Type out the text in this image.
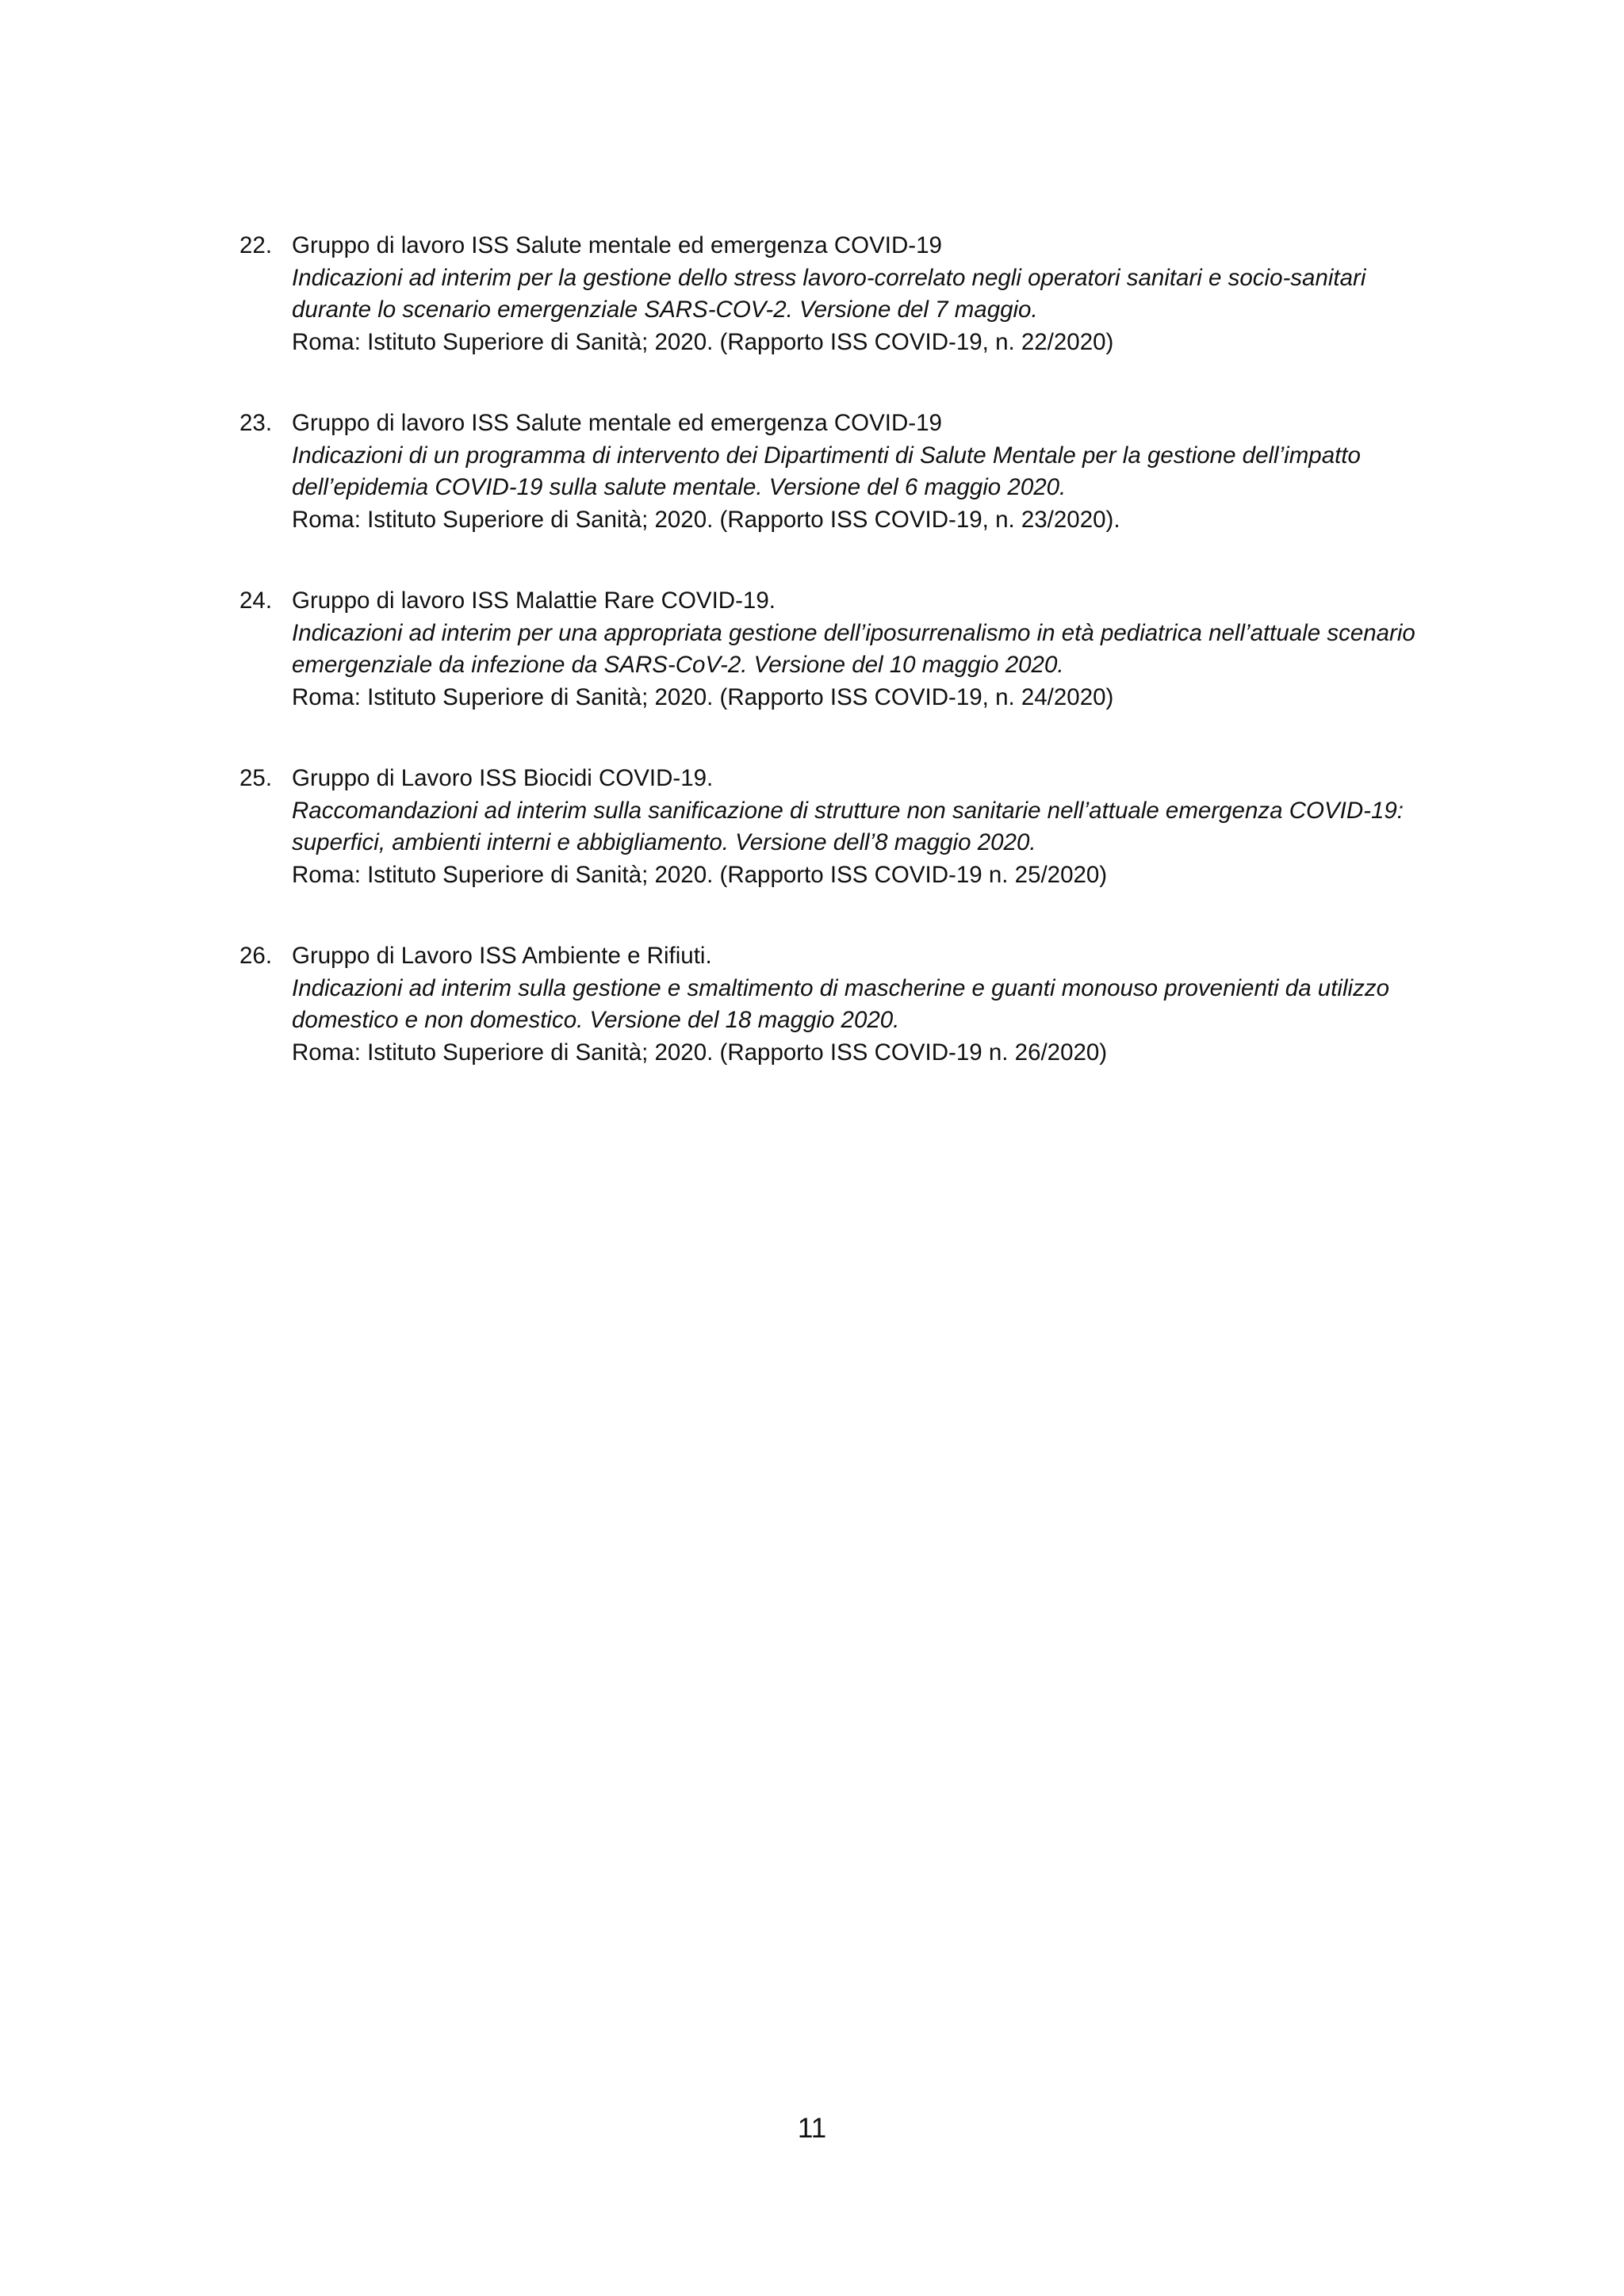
22. Gruppo di lavoro ISS Salute mentale ed emergenza COVID-19
Indicazioni ad interim per la gestione dello stress lavoro-correlato negli operatori sanitari e socio-sanitari
durante lo scenario emergenziale SARS-COV-2. Versione del 7 maggio.
Roma: Istituto Superiore di Sanità; 2020. (Rapporto ISS COVID-19, n. 22/2020)
23. Gruppo di lavoro ISS Salute mentale ed emergenza COVID-19
Indicazioni di un programma di intervento dei Dipartimenti di Salute Mentale per la gestione dell’impatto
dell’epidemia COVID-19 sulla salute mentale. Versione del 6 maggio 2020.
Roma: Istituto Superiore di Sanità; 2020. (Rapporto ISS COVID-19, n. 23/2020).
24. Gruppo di lavoro ISS Malattie Rare COVID-19.
Indicazioni ad interim per una appropriata gestione dell’iposurrenalismo in età pediatrica nell’attuale scenario
emergenziale da infezione da SARS-CoV-2. Versione del 10 maggio 2020.
Roma: Istituto Superiore di Sanità; 2020. (Rapporto ISS COVID-19, n. 24/2020)
25. Gruppo di Lavoro ISS Biocidi COVID-19.
Raccomandazioni ad interim sulla sanificazione di strutture non sanitarie nell’attuale emergenza COVID-19:
superfici, ambienti interni e abbigliamento. Versione dell’8 maggio 2020.
Roma: Istituto Superiore di Sanità; 2020. (Rapporto ISS COVID-19 n. 25/2020)
26. Gruppo di Lavoro ISS Ambiente e Rifiuti.
Indicazioni ad interim sulla gestione e smaltimento di mascherine e guanti monouso provenienti da utilizzo
domestico e non domestico. Versione del 18 maggio 2020.
Roma: Istituto Superiore di Sanità; 2020. (Rapporto ISS COVID-19 n. 26/2020)
11
